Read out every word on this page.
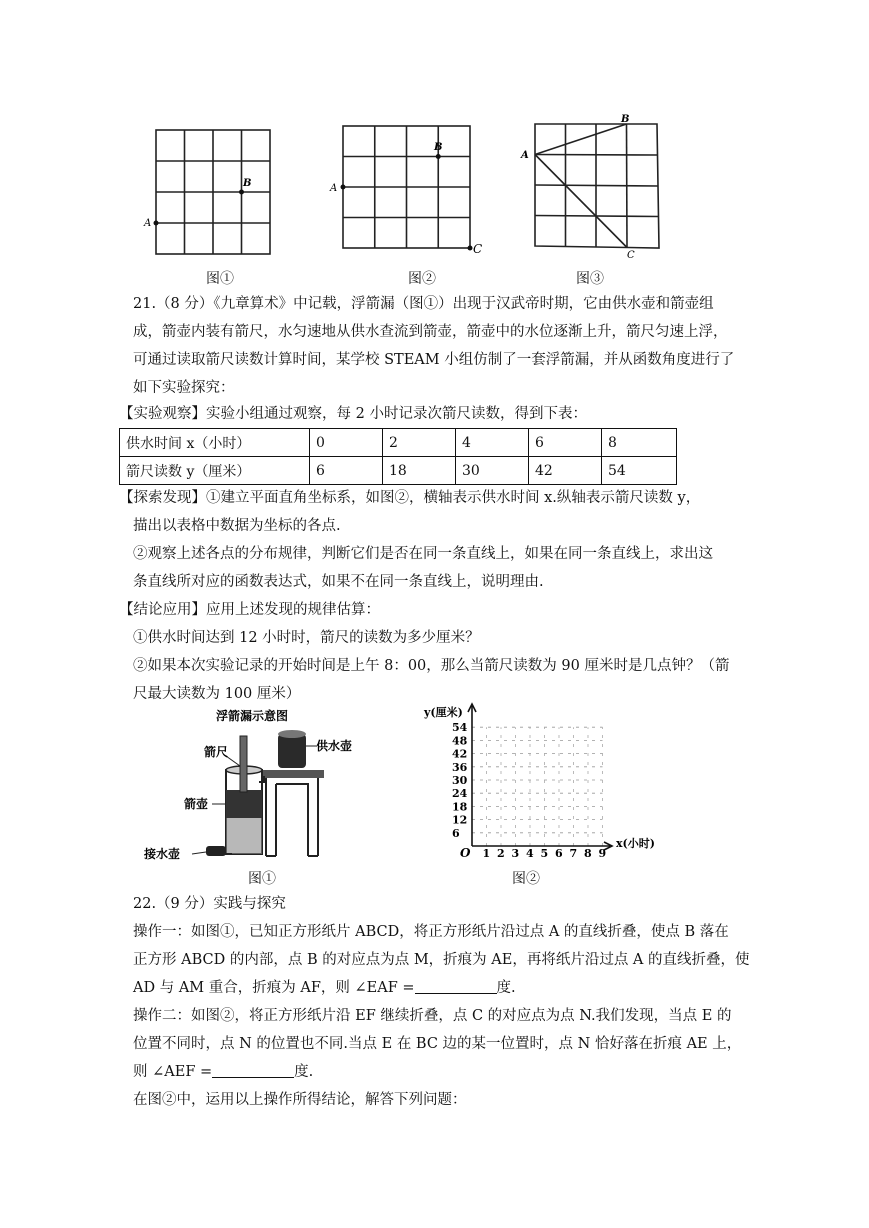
A
B	A
B
C
A
B
C
图①	图②	图③
21.（8 分）《九章算术》中记载，浮箭漏（图①）出现于汉武帝时期，它由供水壶和箭壶组
成，箭壶内装有箭尺，水匀速地从供水查流到箭壶，箭壶中的水位逐渐上升，箭尺匀速上浮，
可通过读取箭尺读数计算时间，某学校 STEAM 小组仿制了一套浮箭漏，并从函数角度进行了
如下实验探究：
【实验观察】实验小组通过观察，每 2 小时记录次箭尺读数，得到下表：
供水时间 x（小时）	0	2	4	6	8
箭尺读数 y（厘米）	6	18	30	42	54
【探索发现】①建立平面直角坐标系，如图②，横轴表示供水时间 x.纵轴表示箭尺读数 y，
描出以表格中数据为坐标的各点.
②观察上述各点的分布规律，判断它们是否在同一条直线上，如果在同一条直线上，求出这
条直线所对应的函数表达式，如果不在同一条直线上，说明理由.
【结论应用】应用上述发现的规律估算：
①供水时间达到 12 小时时，箭尺的读数为多少厘米？
②如果本次实验记录的开始时间是上午 8：00，那么当箭尺读数为 90 厘米时是几点钟？（箭
尺最大读数为 100 厘米）
浮箭漏示意图
箭尺	供水壶
箭壶
接水壶
图①
y(厘米)
x(小时)
O
54
48
42
36
30
24
18
12
6
1 2 3 4 5 6 7 8 9
图②
22.（9 分）实践与探究
操作一：如图①，已知正方形纸片 ABCD，将正方形纸片沿过点 A 的直线折叠，使点 B 落在
正方形 ABCD 的内部，点 B 的对应点为点 M，折痕为 AE，再将纸片沿过点 A 的直线折叠，使
AD 与 AM 重合，折痕为 AF，则 ∠EAF =	度.
操作二：如图②，将正方形纸片沿 EF 继续折叠，点 C 的对应点为点 N.我们发现，当点 E 的
位置不同时，点 N 的位置也不同.当点 E 在 BC 边的某一位置时，点 N 恰好落在折痕 AE 上，
则 ∠AEF =	度.
在图②中，运用以上操作所得结论，解答下列问题：
